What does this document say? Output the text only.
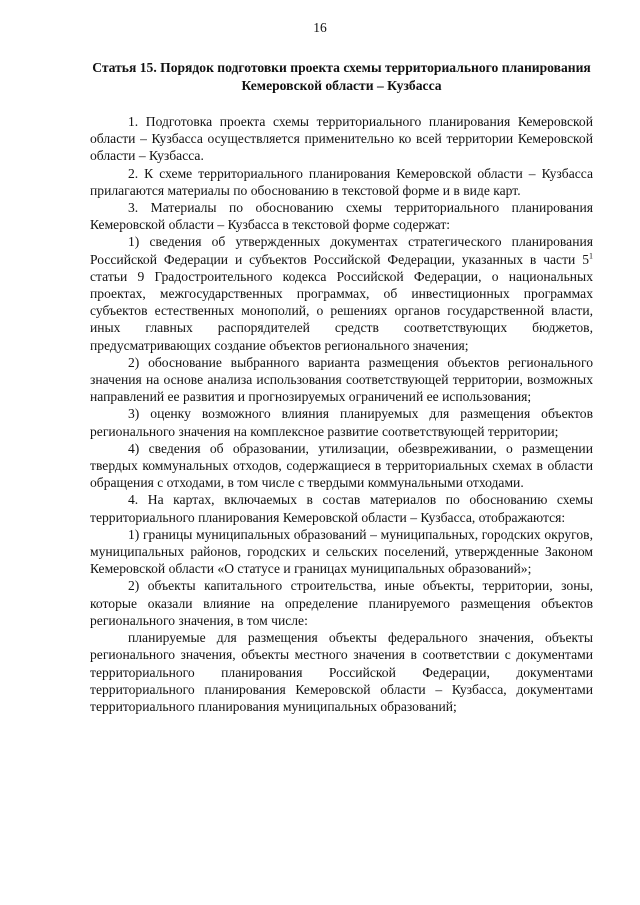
16
Статья 15. Порядок подготовки проекта схемы территориального планирования Кемеровской области – Кузбасса

1. Подготовка проекта схемы территориального планирования Кемеровской области – Кузбасса осуществляется применительно ко всей территории Кемеровской области – Кузбасса.

2. К схеме территориального планирования Кемеровской области – Кузбасса прилагаются материалы по обоснованию в текстовой форме и в виде карт.

3. Материалы по обоснованию схемы территориального планирования Кемеровской области – Кузбасса в текстовой форме содержат:

1) сведения об утвержденных документах стратегического планирования Российской Федерации и субъектов Российской Федерации, указанных в части $5^1$ статьи 9 Градостроительного кодекса Российской Федерации, о национальных проектах, межгосударственных программах, об инвестиционных программах субъектов естественных монополий, о решениях органов государственной власти, иных главных распорядителей средств соответствующих бюджетов, предусматривающих создание объектов регионального значения;

2) обоснование выбранного варианта размещения объектов регионального значения на основе анализа использования соответствующей территории, возможных направлений ее развития и прогнозируемых ограничений ее использования;

3) оценку возможного влияния планируемых для размещения объектов регионального значения на комплексное развитие соответствующей территории;

4) сведения об образовании, утилизации, обезвреживании, о размещении твердых коммунальных отходов, содержащиеся в территориальных схемах в области обращения с отходами, в том числе с твердыми коммунальными отходами.

4. На картах, включаемых в состав материалов по обоснованию схемы территориального планирования Кемеровской области – Кузбасса, отображаются:

1) границы муниципальных образований – муниципальных, городских округов, муниципальных районов, городских и сельских поселений, утвержденные Законом Кемеровской области «О статусе и границах муниципальных образований»;

2) объекты капитального строительства, иные объекты, территории, зоны, которые оказали влияние на определение планируемого размещения объектов регионального значения, в том числе:

планируемые для размещения объекты федерального значения, объекты регионального значения, объекты местного значения в соответствии с документами территориального планирования Российской Федерации, документами территориального планирования Кемеровской области – Кузбасса, документами территориального планирования муниципальных образований;
